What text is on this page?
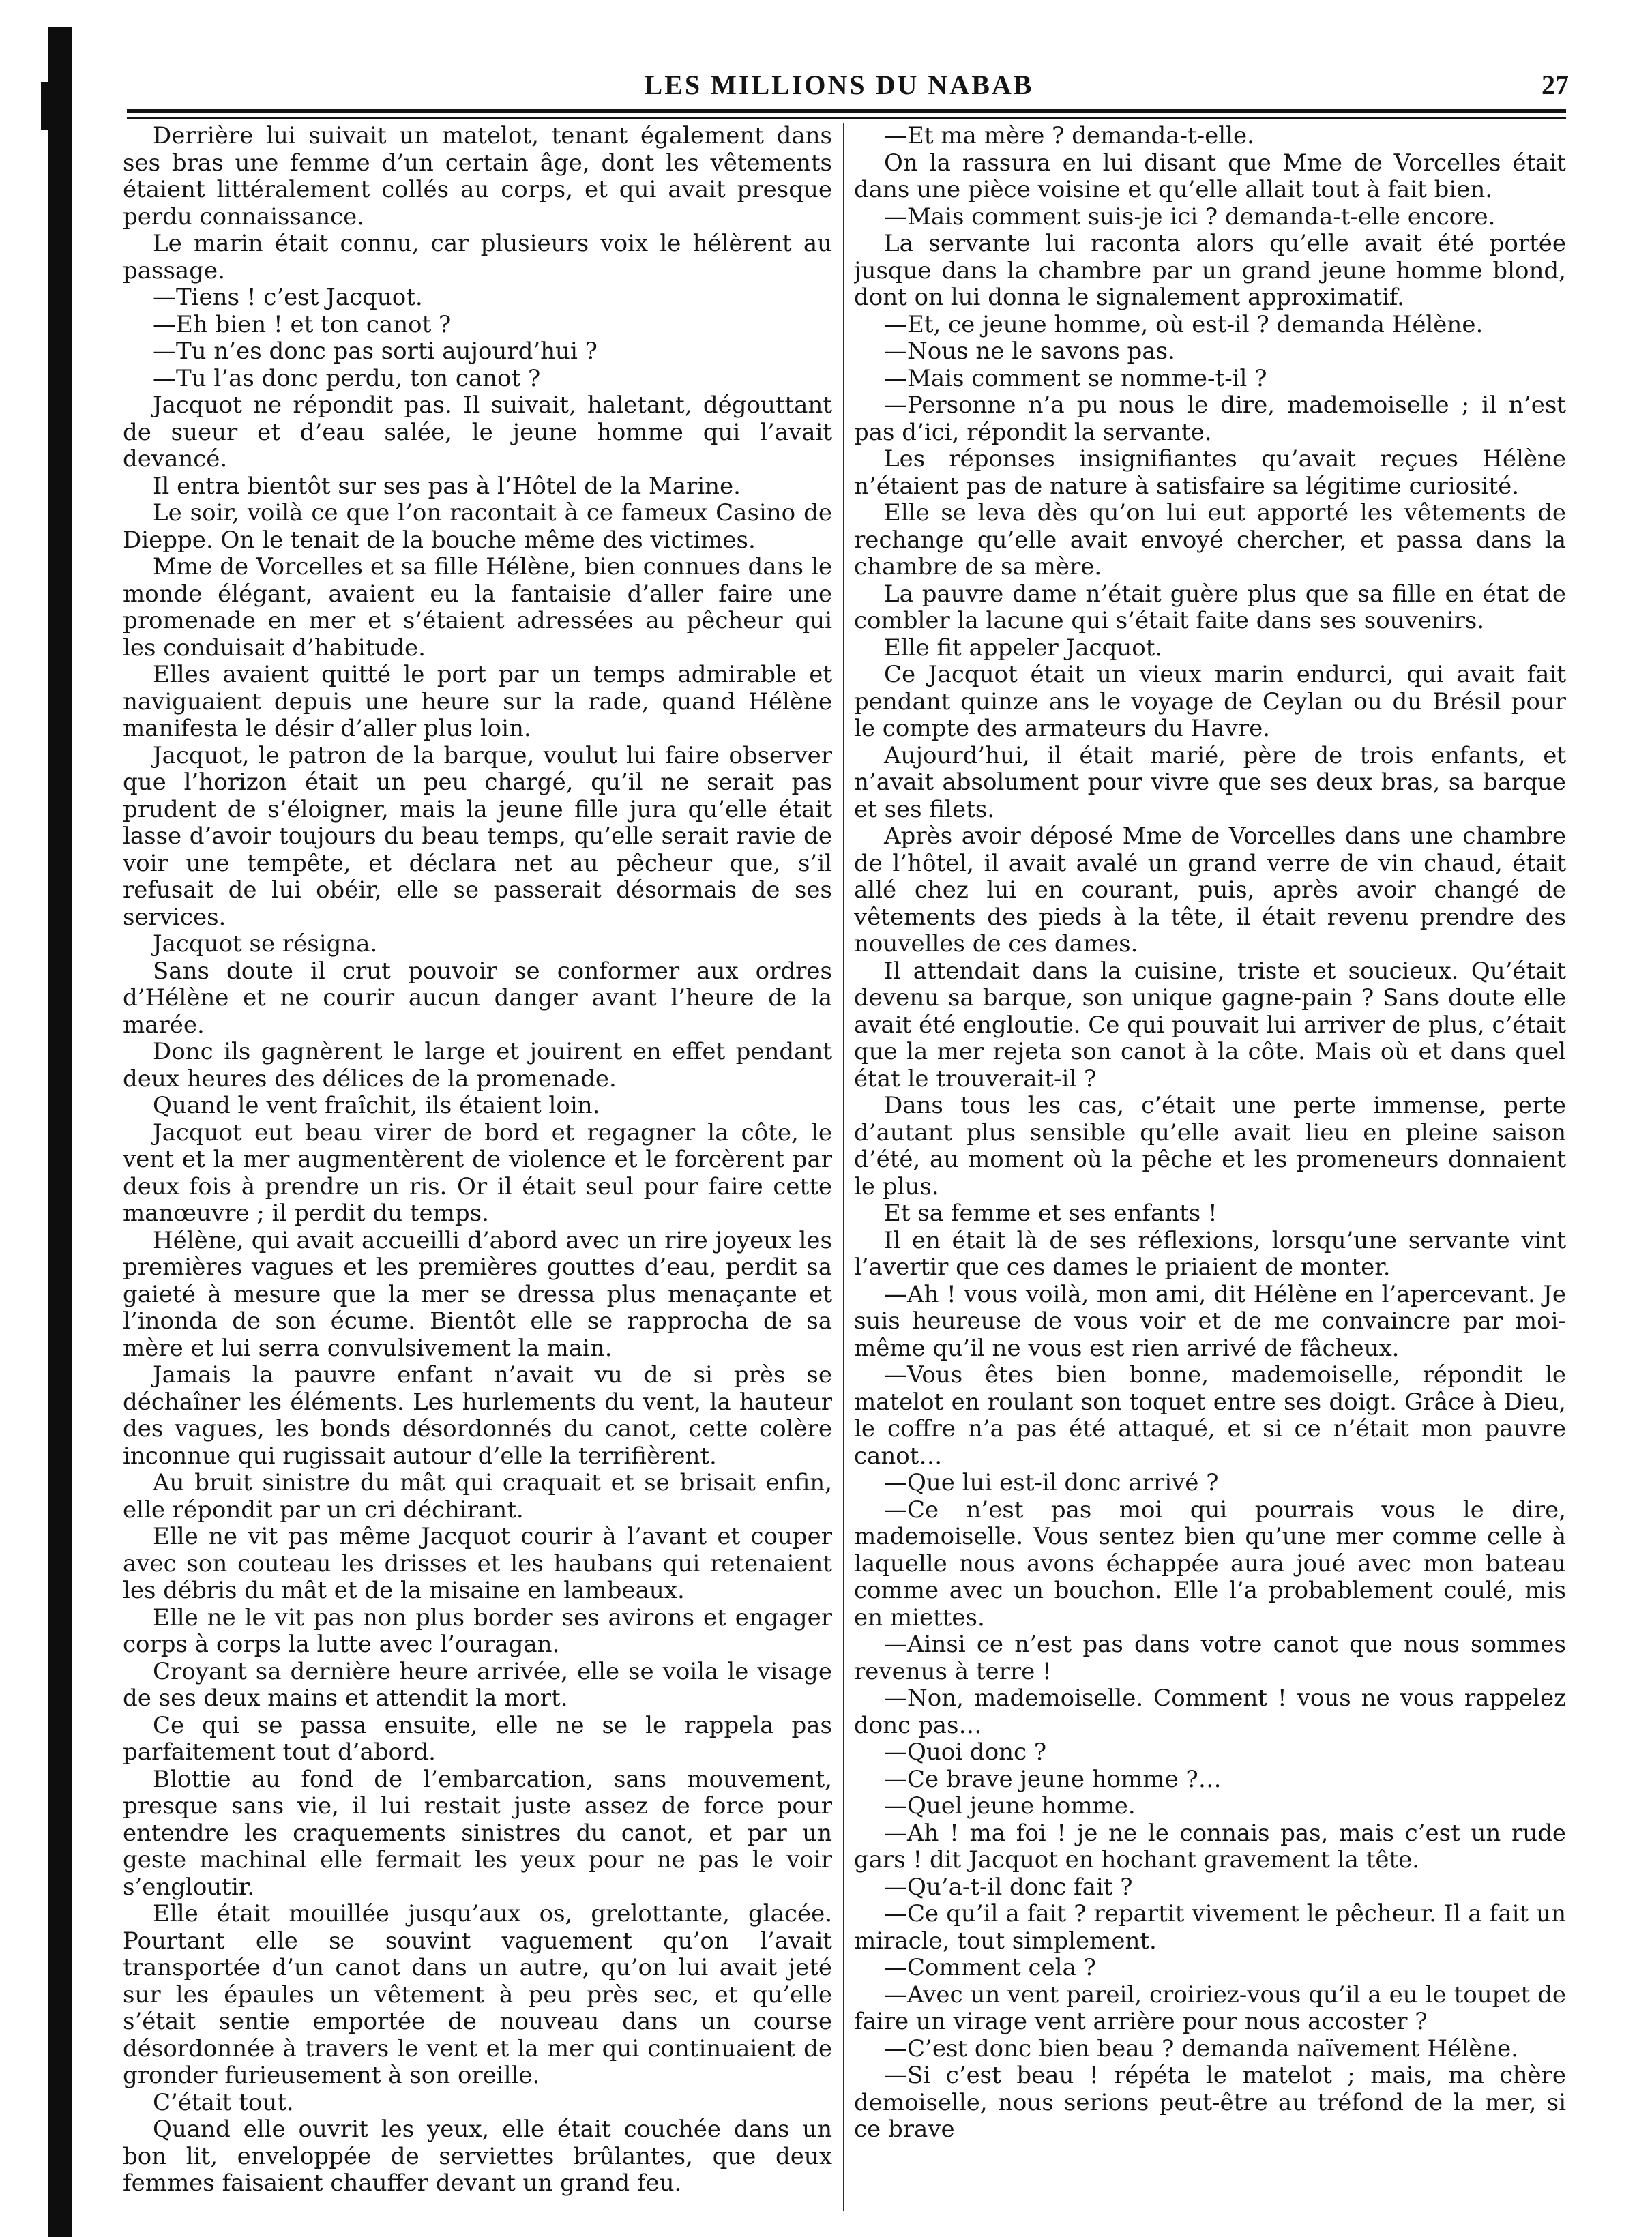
LES MILLIONS DU NABAB	27

Derrière lui suivait un matelot, tenant également dans ses bras une femme d’un certain âge, dont les vêtements étaient littéralement collés au corps, et qui avait presque perdu connaissance.

Le marin était connu, car plusieurs voix le hélèrent au passage.

—Tiens ! c’est Jacquot.

—Eh bien ! et ton canot ?

—Tu n’es donc pas sorti aujourd’hui ?

—Tu l’as donc perdu, ton canot ?

Jacquot ne répondit pas. Il suivait, haletant, dégouttant de sueur et d’eau salée, le jeune homme qui l’avait devancé.

Il entra bientôt sur ses pas à l’Hôtel de la Marine.

Le soir, voilà ce que l’on racontait à ce fameux Casino de Dieppe. On le tenait de la bouche même des victimes.

Mme de Vorcelles et sa fille Hélène, bien connues dans le monde élégant, avaient eu la fantaisie d’aller faire une promenade en mer et s’étaient adressées au pêcheur qui les conduisait d’habitude.

Elles avaient quitté le port par un temps admirable et naviguaient depuis une heure sur la rade, quand Hélène manifesta le désir d’aller plus loin.

Jacquot, le patron de la barque, voulut lui faire observer que l’horizon était un peu chargé, qu’il ne serait pas prudent de s’éloigner, mais la jeune fille jura qu’elle était lasse d’avoir toujours du beau temps, qu’elle serait ravie de voir une tempête, et déclara net au pêcheur que, s’il refusait de lui obéir, elle se passerait désormais de ses services.

Jacquot se résigna.

Sans doute il crut pouvoir se conformer aux ordres d’Hélène et ne courir aucun danger avant l’heure de la marée.

Donc ils gagnèrent le large et jouirent en effet pendant deux heures des délices de la promenade.

Quand le vent fraîchit, ils étaient loin.

Jacquot eut beau virer de bord et regagner la côte, le vent et la mer augmentèrent de violence et le forcèrent par deux fois à prendre un ris. Or il était seul pour faire cette manœuvre ; il perdit du temps.

Hélène, qui avait accueilli d’abord avec un rire joyeux les premières vagues et les premières gouttes d’eau, perdit sa gaieté à mesure que la mer se dressa plus menaçante et l’inonda de son écume. Bientôt elle se rapprocha de sa mère et lui serra convulsivement la main.

Jamais la pauvre enfant n’avait vu de si près se déchaîner les éléments. Les hurlements du vent, la hauteur des vagues, les bonds désordonnés du canot, cette colère inconnue qui rugissait autour d’elle la terrifièrent.

Au bruit sinistre du mât qui craquait et se brisait enfin, elle répondit par un cri déchirant.

Elle ne vit pas même Jacquot courir à l’avant et couper avec son couteau les drisses et les haubans qui retenaient les débris du mât et de la misaine en lambeaux.

Elle ne le vit pas non plus border ses avirons et engager corps à corps la lutte avec l’ouragan.

Croyant sa dernière heure arrivée, elle se voila le visage de ses deux mains et attendit la mort.

Ce qui se passa ensuite, elle ne se le rappela pas parfaitement tout d’abord.

Blottie au fond de l’embarcation, sans mouvement, presque sans vie, il lui restait juste assez de force pour entendre les craquements sinistres du canot, et par un geste machinal elle fermait les yeux pour ne pas le voir s’engloutir.

Elle était mouillée jusqu’aux os, grelottante, glacée. Pourtant elle se souvint vaguement qu’on l’avait transportée d’un canot dans un autre, qu’on lui avait jeté sur les épaules un vêtement à peu près sec, et qu’elle s’était sentie emportée de nouveau dans un course désordonnée à travers le vent et la mer qui continuaient de gronder furieusement à son oreille.

C’était tout.

Quand elle ouvrit les yeux, elle était couchée dans un bon lit, enveloppée de serviettes brûlantes, que deux femmes faisaient chauffer devant un grand feu.

—Et ma mère ? demanda-t-elle.

On la rassura en lui disant que Mme de Vorcelles était dans une pièce voisine et qu’elle allait tout à fait bien.

—Mais comment suis-je ici ? demanda-t-elle encore.

La servante lui raconta alors qu’elle avait été portée jusque dans la chambre par un grand jeune homme blond, dont on lui donna le signalement approximatif.

—Et, ce jeune homme, où est-il ? demanda Hélène.

—Nous ne le savons pas.

—Mais comment se nomme-t-il ?

—Personne n’a pu nous le dire, mademoiselle ; il n’est pas d’ici, répondit la servante.

Les réponses insignifiantes qu’avait reçues Hélène n’étaient pas de nature à satisfaire sa légitime curiosité.

Elle se leva dès qu’on lui eut apporté les vêtements de rechange qu’elle avait envoyé chercher, et passa dans la chambre de sa mère.

La pauvre dame n’était guère plus que sa fille en état de combler la lacune qui s’était faite dans ses souvenirs.

Elle fit appeler Jacquot.

Ce Jacquot était un vieux marin endurci, qui avait fait pendant quinze ans le voyage de Ceylan ou du Brésil pour le compte des armateurs du Havre.

Aujourd’hui, il était marié, père de trois enfants, et n’avait absolument pour vivre que ses deux bras, sa barque et ses filets.

Après avoir déposé Mme de Vorcelles dans une chambre de l’hôtel, il avait avalé un grand verre de vin chaud, était allé chez lui en courant, puis, après avoir changé de vêtements des pieds à la tête, il était revenu prendre des nouvelles de ces dames.

Il attendait dans la cuisine, triste et soucieux. Qu’était devenu sa barque, son unique gagne-pain ? Sans doute elle avait été engloutie. Ce qui pouvait lui arriver de plus, c’était que la mer rejeta son canot à la côte. Mais où et dans quel état le trouverait-il ?

Dans tous les cas, c’était une perte immense, perte d’autant plus sensible qu’elle avait lieu en pleine saison d’été, au moment où la pêche et les promeneurs donnaient le plus.

Et sa femme et ses enfants !

Il en était là de ses réflexions, lorsqu’une servante vint l’avertir que ces dames le priaient de monter.

—Ah ! vous voilà, mon ami, dit Hélène en l’apercevant. Je suis heureuse de vous voir et de me convaincre par moi-même qu’il ne vous est rien arrivé de fâcheux.

—Vous êtes bien bonne, mademoiselle, répondit le matelot en roulant son toquet entre ses doigt. Grâce à Dieu, le coffre n’a pas été attaqué, et si ce n’était mon pauvre canot…

—Que lui est-il donc arrivé ?

—Ce n’est pas moi qui pourrais vous le dire, mademoiselle. Vous sentez bien qu’une mer comme celle à laquelle nous avons échappée aura joué avec mon bateau comme avec un bouchon. Elle l’a probablement coulé, mis en miettes.

—Ainsi ce n’est pas dans votre canot que nous sommes revenus à terre !

—Non, mademoiselle. Comment ! vous ne vous rappelez donc pas…

—Quoi donc ?

—Ce brave jeune homme ?…

—Quel jeune homme.

—Ah ! ma foi ! je ne le connais pas, mais c’est un rude gars ! dit Jacquot en hochant gravement la tête.

—Qu’a-t-il donc fait ?

—Ce qu’il a fait ? repartit vivement le pêcheur. Il a fait un miracle, tout simplement.

—Comment cela ?

—Avec un vent pareil, croiriez-vous qu’il a eu le toupet de faire un virage vent arrière pour nous accoster ?

—C’est donc bien beau ? demanda naïvement Hélène.

—Si c’est beau ! répéta le matelot ; mais, ma chère demoiselle, nous serions peut-être au tréfond de la mer, si ce brave
